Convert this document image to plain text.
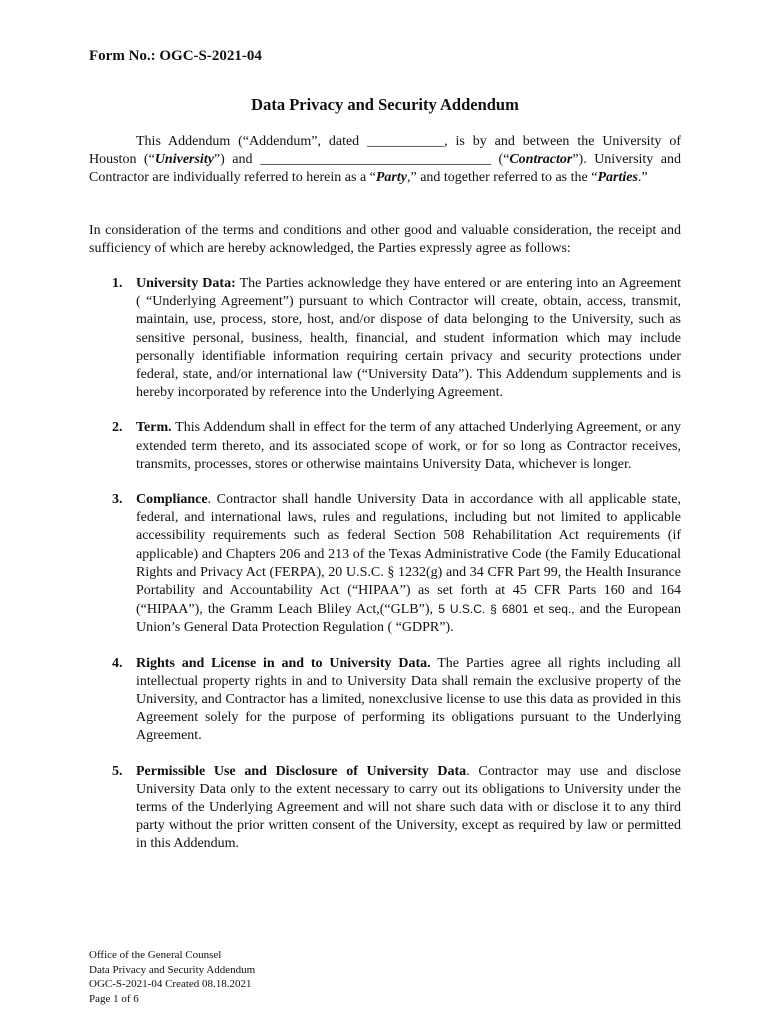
Form No.: OGC-S-2021-04
Data Privacy and Security Addendum
This Addendum (“Addendum”, dated ___________, is by and between the University of Houston (“University”) and _________________________________ (“Contractor”). University and Contractor are individually referred to herein as a “Party,” and together referred to as the “Parties.”
In consideration of the terms and conditions and other good and valuable consideration, the receipt and sufficiency of which are hereby acknowledged, the Parties expressly agree as follows:
1. University Data: The Parties acknowledge they have entered or are entering into an Agreement ( “Underlying Agreement”) pursuant to which Contractor will create, obtain, access, transmit, maintain, use, process, store, host, and/or dispose of data belonging to the University, such as sensitive personal, business, health, financial, and student information which may include personally identifiable information requiring certain privacy and security protections under federal, state, and/or international law (“University Data”). This Addendum supplements and is hereby incorporated by reference into the Underlying Agreement.
2. Term. This Addendum shall in effect for the term of any attached Underlying Agreement, or any extended term thereto, and its associated scope of work, or for so long as Contractor receives, transmits, processes, stores or otherwise maintains University Data, whichever is longer.
3. Compliance. Contractor shall handle University Data in accordance with all applicable state, federal, and international laws, rules and regulations, including but not limited to applicable accessibility requirements such as federal Section 508 Rehabilitation Act requirements (if applicable) and Chapters 206 and 213 of the Texas Administrative Code (the Family Educational Rights and Privacy Act (FERPA), 20 U.S.C. § 1232(g) and 34 CFR Part 99, the Health Insurance Portability and Accountability Act (“HIPAA”) as set forth at 45 CFR Parts 160 and 164 (“HIPAA”), the Gramm Leach Bliley Act,(“GLB”), 5 U.S.C. § 6801 et seq., and the European Union’s General Data Protection Regulation ( “GDPR”).
4. Rights and License in and to University Data. The Parties agree all rights including all intellectual property rights in and to University Data shall remain the exclusive property of the University, and Contractor has a limited, nonexclusive license to use this data as provided in this Agreement solely for the purpose of performing its obligations pursuant to the Underlying Agreement.
5. Permissible Use and Disclosure of University Data. Contractor may use and disclose University Data only to the extent necessary to carry out its obligations to University under the terms of the Underlying Agreement and will not share such data with or disclose it to any third party without the prior written consent of the University, except as required by law or permitted in this Addendum.
Office of the General Counsel
Data Privacy and Security Addendum
OGC-S-2021-04 Created 08.18.2021
Page 1 of 6
